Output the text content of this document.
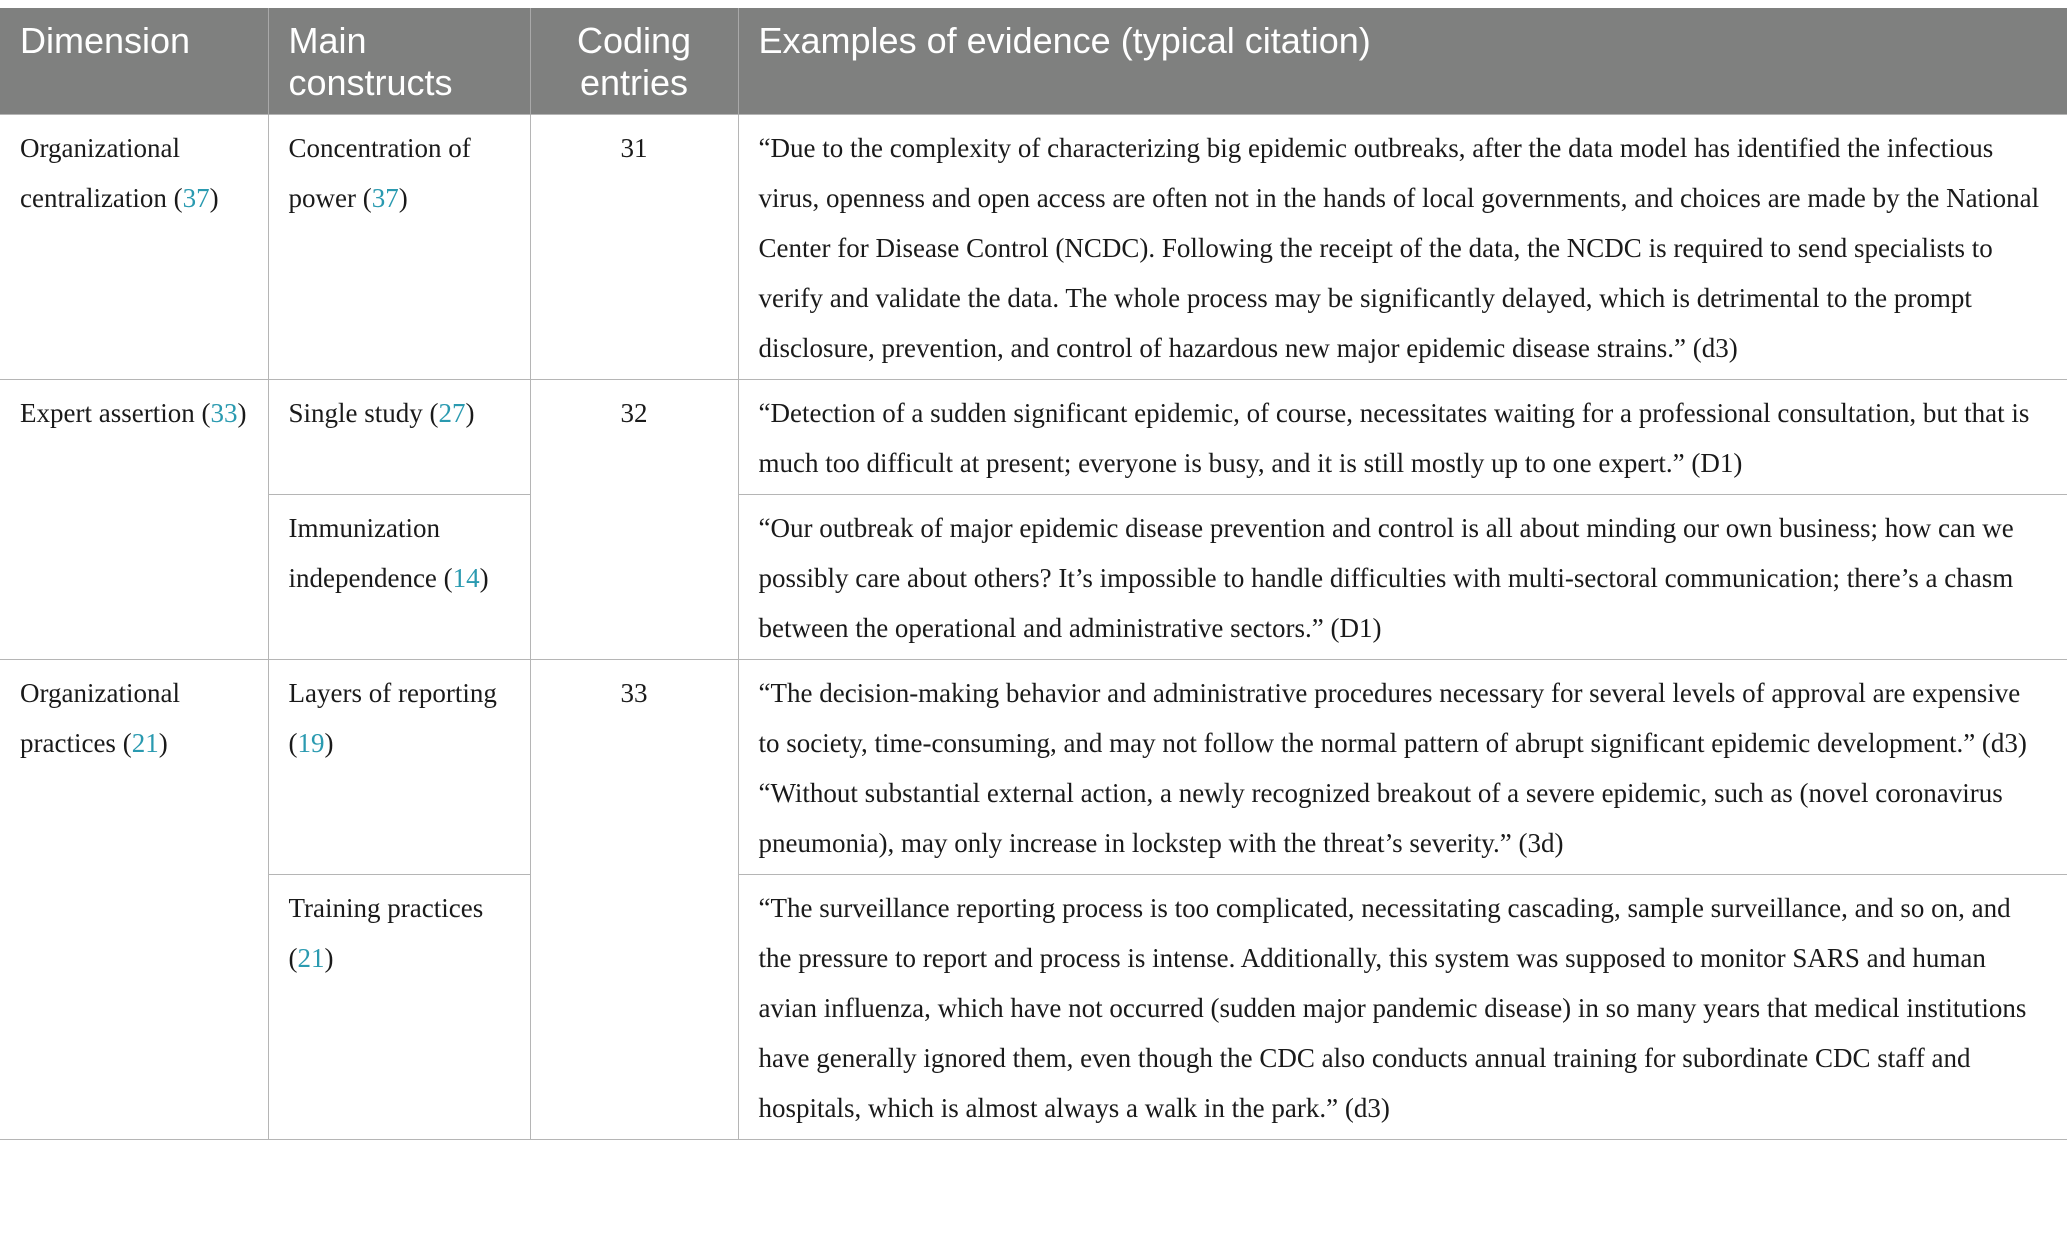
Dimension	Main constructs	Coding entries	Examples of evidence (typical citation)
Organizational centralization (37)	Concentration of power (37)	31	“Due to the complexity of characterizing big epidemic outbreaks, after the data model has identified the infectious virus, openness and open access are often not in the hands of local governments, and choices are made by the National Center for Disease Control (NCDC). Following the receipt of the data, the NCDC is required to send specialists to verify and validate the data. The whole process may be significantly delayed, which is detrimental to the prompt disclosure, prevention, and control of hazardous new major epidemic disease strains.” (d3)

Expert assertion (33)	Single study (27)	32	“Detection of a sudden significant epidemic, of course, necessitates waiting for a professional consultation, but that is much too difficult at present; everyone is busy, and it is still mostly up to one expert.” (D1)

	Immunization independence (14)		“Our outbreak of major epidemic disease prevention and control is all about minding our own business; how can we possibly care about others? It’s impossible to handle difficulties with multi-sectoral communication; there’s a chasm between the operational and administrative sectors.” (D1)

Organizational practices (21)	Layers of reporting (19)	33	“The decision-making behavior and administrative procedures necessary for several levels of approval are expensive to society, time-consuming, and may not follow the normal pattern of abrupt significant epidemic development.” (d3)
“Without substantial external action, a newly recognized breakout of a severe epidemic, such as (novel coronavirus pneumonia), may only increase in lockstep with the threat’s severity.” (3d)

	Training practices (21)		“The surveillance reporting process is too complicated, necessitating cascading, sample surveillance, and so on, and the pressure to report and process is intense. Additionally, this system was supposed to monitor SARS and human avian influenza, which have not occurred (sudden major pandemic disease) in so many years that medical institutions have generally ignored them, even though the CDC also conducts annual training for subordinate CDC staff and hospitals, which is almost always a walk in the park.” (d3)
